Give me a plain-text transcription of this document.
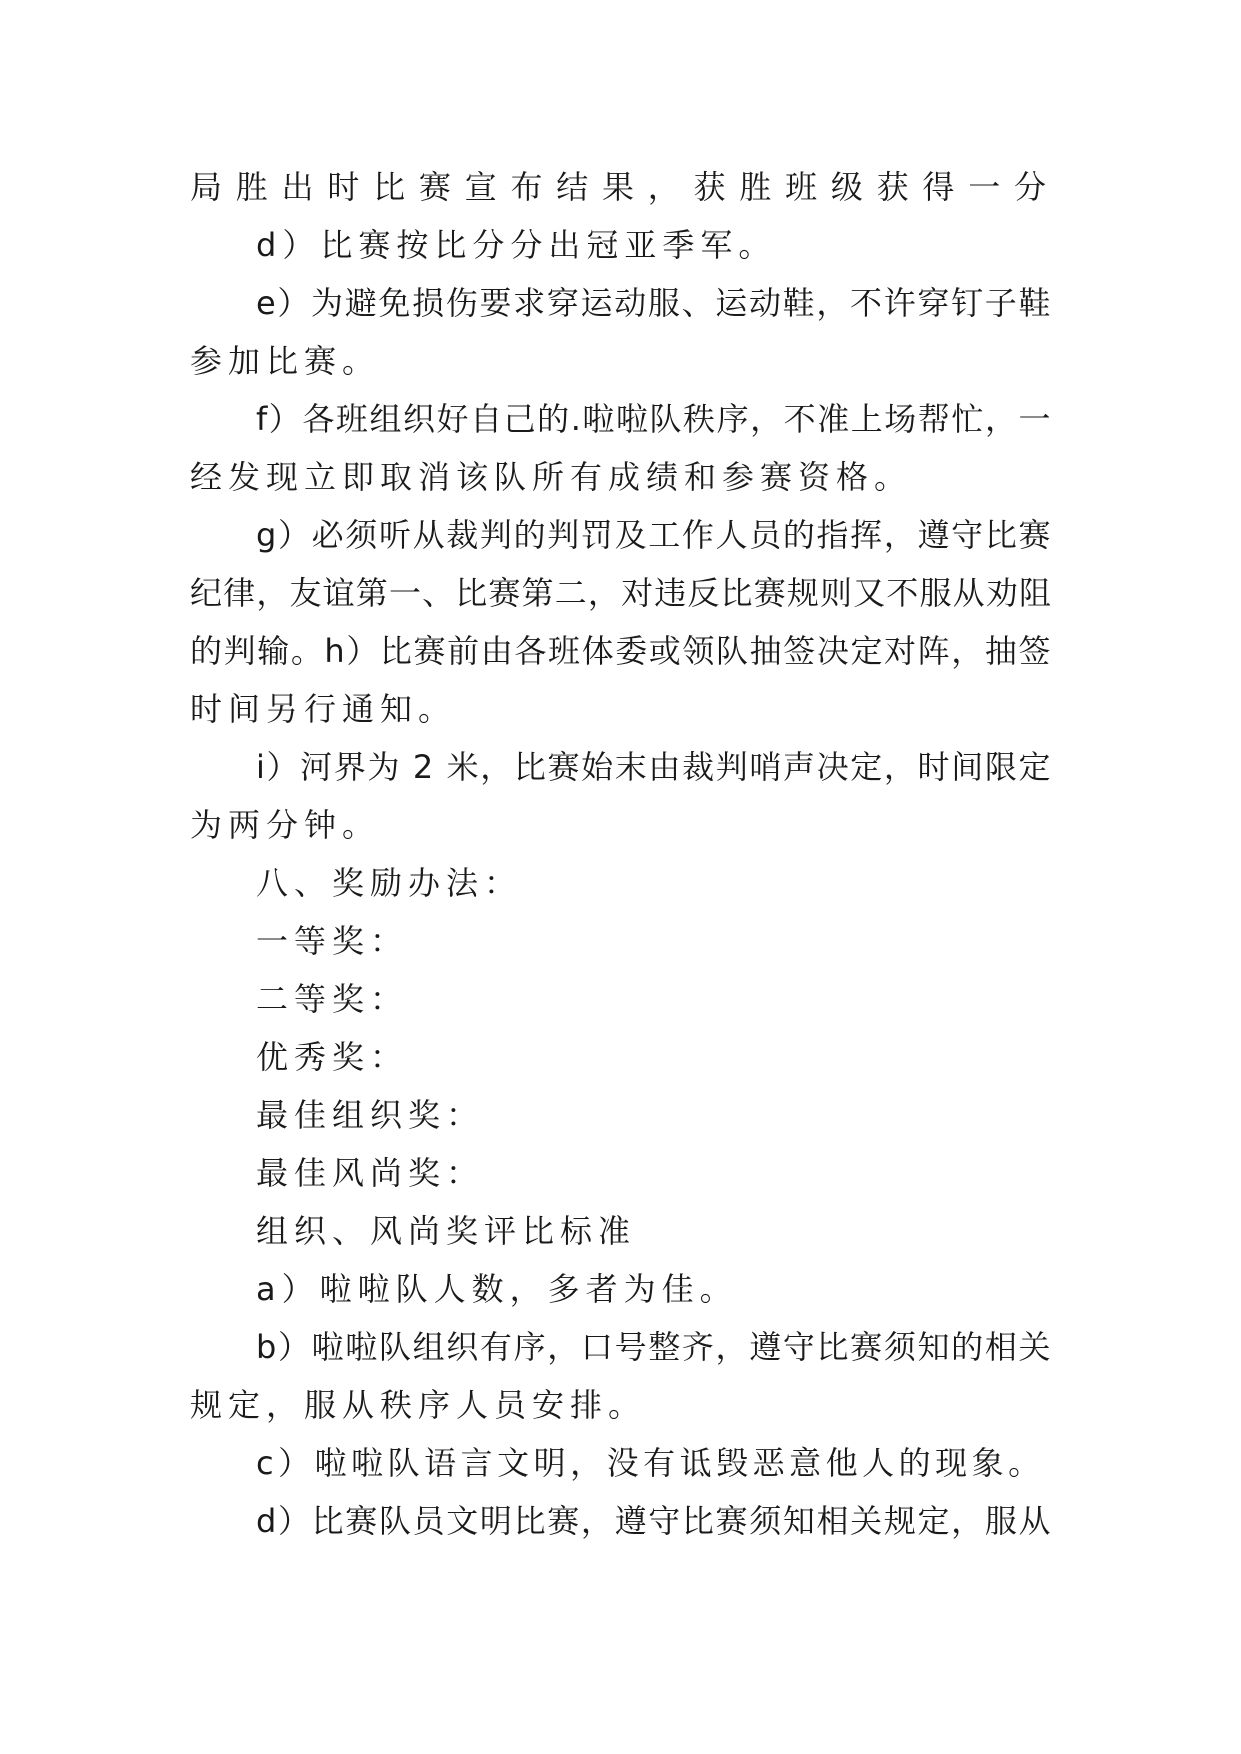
局胜出时比赛宣布结果，获胜班级获得一分
d）比赛按比分分出冠亚季军。
e）为避免损伤要求穿运动服、运动鞋，不许穿钉子鞋
参加比赛。
f）各班组织好自己的.啦啦队秩序，不准上场帮忙，一
经发现立即取消该队所有成绩和参赛资格。
g）必须听从裁判的判罚及工作人员的指挥，遵守比赛
纪律，友谊第一、比赛第二，对违反比赛规则又不服从劝阻
的判输。h）比赛前由各班体委或领队抽签决定对阵，抽签
时间另行通知。
i）河界为 2 米，比赛始末由裁判哨声决定，时间限定
为两分钟。
八、奖励办法：
一等奖：
二等奖：
优秀奖：
最佳组织奖：
最佳风尚奖：
组织、风尚奖评比标准
a）啦啦队人数，多者为佳。
b）啦啦队组织有序，口号整齐，遵守比赛须知的相关
规定，服从秩序人员安排。
c）啦啦队语言文明，没有诋毁恶意他人的现象。
d）比赛队员文明比赛，遵守比赛须知相关规定，服从
